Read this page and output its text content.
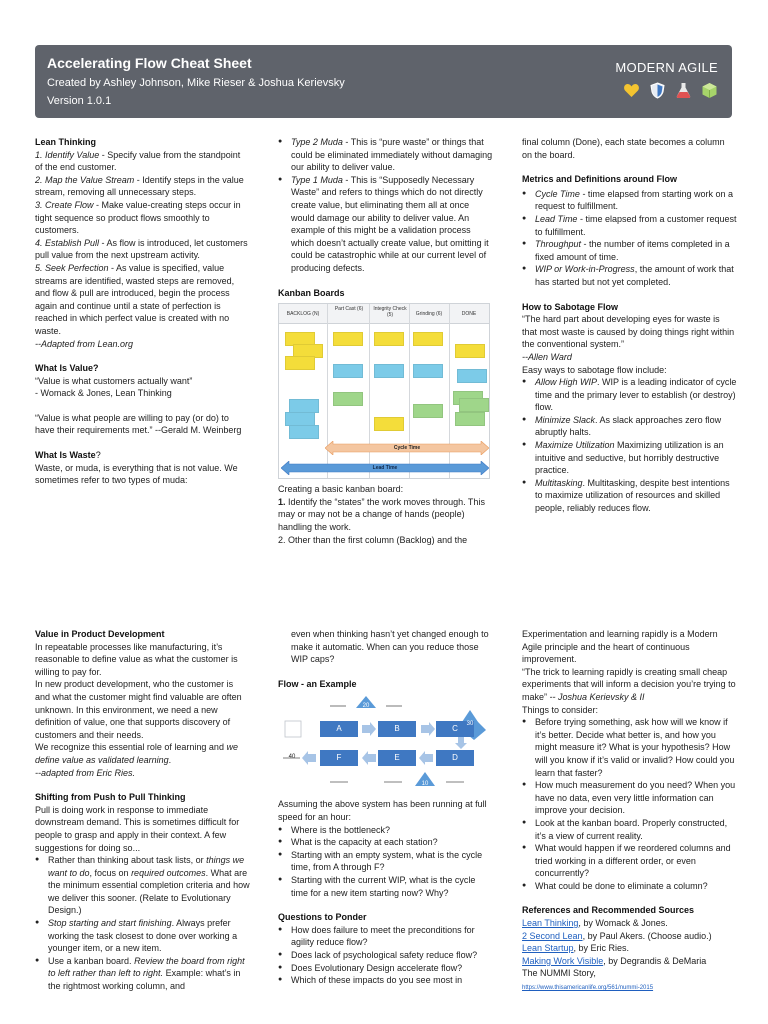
Accelerating Flow Cheat Sheet
Created by Ashley Johnson, Mike Rieser & Joshua Kerievsky
Version 1.0.1
MODERN AGILE
Lean Thinking

1. Identify Value - Specify value from the standpoint of the end customer.

2. Map the Value Stream - Identify steps in the value stream, removing all unnecessary steps.

3. Create Flow - Make value-creating steps occur in tight sequence so product flows smoothly to customers.

4. Establish Pull - As flow is introduced, let customers pull value from the next upstream activity.

5. Seek Perfection - As value is specified, value streams are identified, wasted steps are removed, and flow & pull are introduced, begin the process again and continue until a state of perfection is reached in which perfect value is created with no waste.

--Adapted from Lean.org

What Is Value?

“Value is what customers actually want”

- Womack & Jones, Lean Thinking

“Value is what people are willing to pay (or do) to have their requirements met.” --Gerald M. Weinberg

What Is Waste?

Waste, or muda, is everything that is not value. We sometimes refer to two types of muda:

● Type 2 Muda - This is “pure waste” or things that could be eliminated immediately without damaging our ability to deliver value.
● Type 1 Muda - This is “Supposedly Necessary Waste” and refers to things which do not directly create value, but eliminating them all at once would damage our ability to deliver value. An example of this might be a validation process which doesn’t actually create value, but omitting it could be catastrophic while at our current level of producing defects.
Kanban Boards
BACKLOG (N)
Part Cast (6)	Integrity Check (5)	Grinding (6)	DONE
Cycle Time
Lead Time

Creating a basic kanban board:

1. Identify the “states” the work moves through. This may or may not be a change of hands (people) handling the work.

2. Other than the first column (Backlog) and the

final column (Done), each state becomes a column on the board.

Metrics and Definitions around Flow
● Cycle Time - time elapsed from starting work on a request to fulfillment.
● Lead Time - time elapsed from a customer request to fulfillment.
● Throughput - the number of items completed in a fixed amount of time.
● WIP or Work-in-Progress, the amount of work that has started but not yet completed.
How to Sabotage Flow

“The hard part about developing eyes for waste is that most waste is caused by doing things right within the conventional system.”

--Allen Ward

Easy ways to sabotage flow include:

● Allow High WIP. WIP is a leading indicator of cycle time and the primary lever to establish (or destroy) flow.
● Minimize Slack. As slack approaches zero flow abruptly halts.
● Maximize Utilization Maximizing utilization is an intuitive and seductive, but horribly destructive practice.
● Multitasking. Multitasking, despite best intentions to maximize utilization of resources and skilled people, reliably reduces flow.
Value in Product Development

In repeatable processes like manufacturing, it’s reasonable to define value as what the customer is willing to pay for.

In new product development, who the customer is and what the customer might find valuable are often unknown. In this environment, we need a new definition of value, one that supports discovery of customers and their needs.

We recognize this essential role of learning and we define value as validated learning.

--adapted from Eric Ries.

Shifting from Push to Pull Thinking

Pull is doing work in response to immediate downstream demand. This is sometimes difficult for people to grasp and apply in their context. A few suggestions for doing so...

● Rather than thinking about task lists, or things we want to do, focus on required outcomes. What are the minimum essential completion criteria and how we deliver this sooner. (Relate to Evolutionary Design.)
● Stop starting and start finishing. Always prefer working the task closest to done over working a younger item, or a new item.
● Use a kanban board. Review the board from right to left rather than left to right. Example: what’s in the rightmost working column, and

even when thinking hasn’t yet changed enough to make it automatic. When can you reduce those WIP caps?

Flow - an Example
A	B	C
D
E
F
20
30
10
40

Assuming the above system has been running at full speed for an hour:

● Where is the bottleneck?
● What is the capacity at each station?
● Starting with an empty system, what is the cycle time, from A through F?
● Starting with the current WIP, what is the cycle time for a new item starting now? Why?
Questions to Ponder
● How does failure to meet the preconditions for agility reduce flow?
● Does lack of psychological safety reduce flow?
● Does Evolutionary Design accelerate flow?
● Which of these impacts do you see most in

Experimentation and learning rapidly is a Modern Agile principle and the heart of continuous improvement.

“The trick to learning rapidly is creating small cheap experiments that will inform a decision you’re trying to make” -- Joshua Kerievsky & II

Things to consider:

● Before trying something, ask how will we know if it’s better. Decide what better is, and how you might measure it? What is your hypothesis? How will you know if it’s valid or invalid? How could you learn that faster?
● How much measurement do you need? When you have no data, even very little information can improve your decision.
● Look at the kanban board. Properly constructed, it’s a view of current reality.
● What would happen if we reordered columns and tried working in a different order, or even concurrently?
● What could be done to eliminate a column?
References and Recommended Sources

Lean Thinking, by Womack & Jones.

2 Second Lean, by Paul Akers. (Choose audio.)

Lean Startup, by Eric Ries.

Making Work Visible, by Degrandis & DeMaria

The NUMMI Story,

https://www.thisamericanlife.org/561/nummi-2015
